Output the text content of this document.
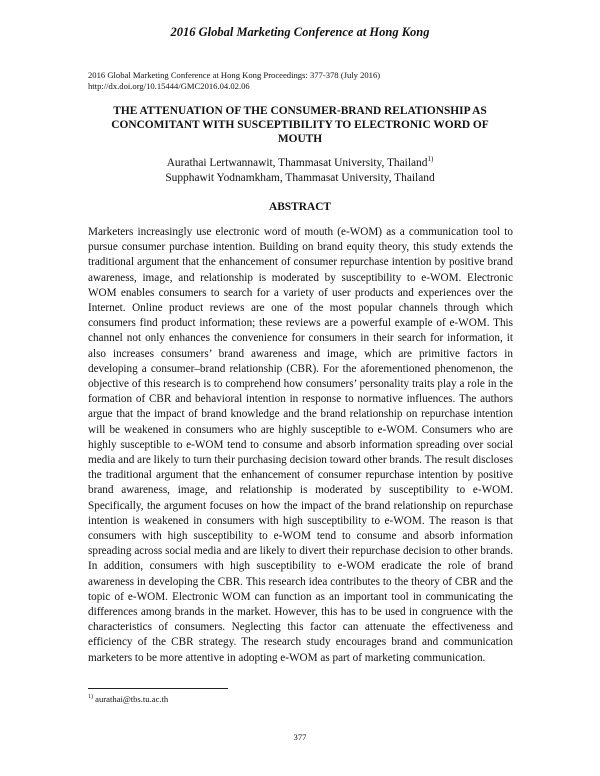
2016 Global Marketing Conference at Hong Kong
2016 Global Marketing Conference at Hong Kong Proceedings: 377-378 (July 2016)
http://dx.doi.org/10.15444/GMC2016.04.02.06
THE ATTENUATION OF THE CONSUMER-BRAND RELATIONSHIP AS CONCOMITANT WITH SUSCEPTIBILITY TO ELECTRONIC WORD OF MOUTH
Aurathai Lertwannawit, Thammasat University, Thailand$^{1)}$
Supphawit Yodnamkham, Thammasat University, Thailand
ABSTRACT
Marketers increasingly use electronic word of mouth (e-WOM) as a communication tool to pursue consumer purchase intention. Building on brand equity theory, this study extends the traditional argument that the enhancement of consumer repurchase intention by positive brand awareness, image, and relationship is moderated by susceptibility to e-WOM. Electronic WOM enables consumers to search for a variety of user products and experiences over the Internet. Online product reviews are one of the most popular channels through which consumers find product information; these reviews are a powerful example of e-WOM. This channel not only enhances the convenience for consumers in their search for information, it also increases consumers’ brand awareness and image, which are primitive factors in developing a consumer–brand relationship (CBR). For the aforementioned phenomenon, the objective of this research is to comprehend how consumers’ personality traits play a role in the formation of CBR and behavioral intention in response to normative influences. The authors argue that the impact of brand knowledge and the brand relationship on repurchase intention will be weakened in consumers who are highly susceptible to e-WOM. Consumers who are highly susceptible to e-WOM tend to consume and absorb information spreading over social media and are likely to turn their purchasing decision toward other brands. The result discloses the traditional argument that the enhancement of consumer repurchase intention by positive brand awareness, image, and relationship is moderated by susceptibility to e-WOM. Specifically, the argument focuses on how the impact of the brand relationship on repurchase intention is weakened in consumers with high susceptibility to e-WOM. The reason is that consumers with high susceptibility to e-WOM tend to consume and absorb information spreading across social media and are likely to divert their repurchase decision to other brands. In addition, consumers with high susceptibility to e-WOM eradicate the role of brand awareness in developing the CBR. This research idea contributes to the theory of CBR and the topic of e-WOM. Electronic WOM can function as an important tool in communicating the differences among brands in the market. However, this has to be used in congruence with the characteristics of consumers. Neglecting this factor can attenuate the effectiveness and efficiency of the CBR strategy. The research study encourages brand and communication marketers to be more attentive in adopting e-WOM as part of marketing communication.
$^{1)}$ aurathai@tbs.tu.ac.th
377
